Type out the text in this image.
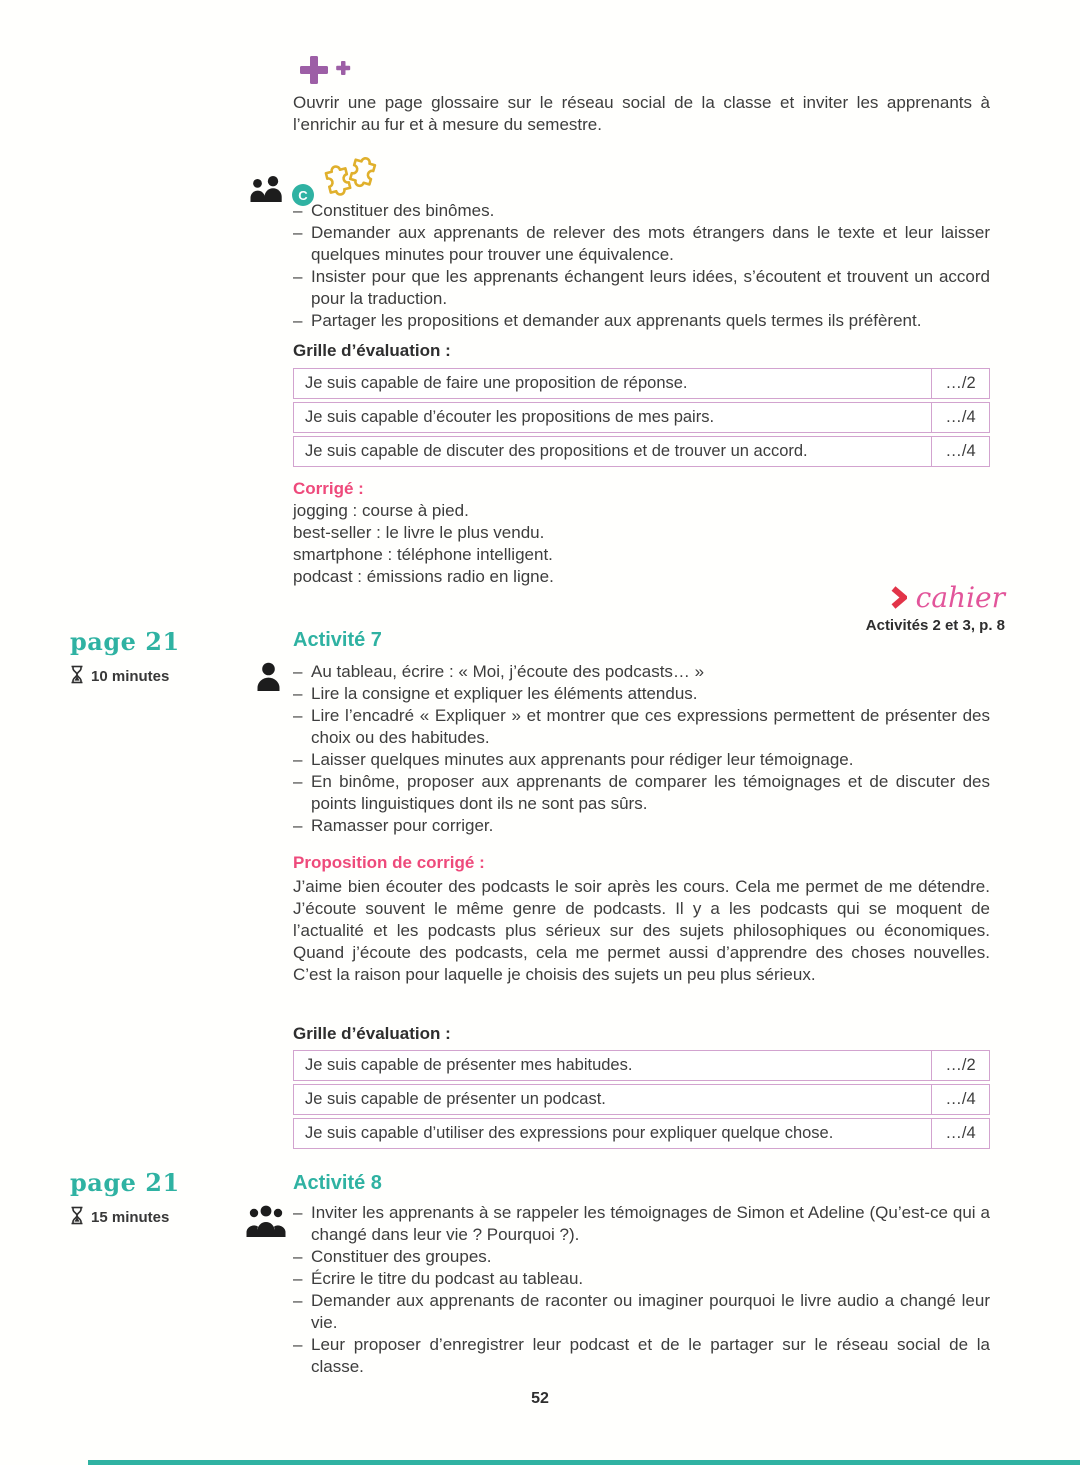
Ouvrir une page glossaire sur le réseau social de la classe et inviter les apprenants à l’enrichir au fur et à mesure du semestre.
C
– Constituer des binômes.
– Demander aux apprenants de relever des mots étrangers dans le texte et leur laisser quelques minutes pour trouver une équivalence.
– Insister pour que les apprenants échangent leurs idées, s’écoutent et trouvent un accord pour la traduction.
– Partager les propositions et demander aux apprenants quels termes ils préfèrent.
Grille d’évaluation :
Je suis capable de faire une proposition de réponse.	…/2
Je suis capable d’écouter les propositions de mes pairs.	…/4
Je suis capable de discuter des propositions et de trouver un accord.	…/4
Corrigé :
jogging : course à pied.
best-seller : le livre le plus vendu.
smartphone : téléphone intelligent.
podcast : émissions radio en ligne.
cahier
Activités 2 et 3, p. 8
page 21
10 minutes
Activité 7
– Au tableau, écrire : « Moi, j’écoute des podcasts… »
– Lire la consigne et expliquer les éléments attendus.
– Lire l’encadré « Expliquer » et montrer que ces expressions permettent de présenter des choix ou des habitudes.
– Laisser quelques minutes aux apprenants pour rédiger leur témoignage.
– En binôme, proposer aux apprenants de comparer les témoignages et de discuter des points linguistiques dont ils ne sont pas sûrs.
– Ramasser pour corriger.
Proposition de corrigé :
J’aime bien écouter des podcasts le soir après les cours. Cela me permet de me détendre. J’écoute souvent le même genre de podcasts. Il y a les podcasts qui se moquent de l’actualité et les podcasts plus sérieux sur des sujets philosophiques ou économiques. Quand j’écoute des podcasts, cela me permet aussi d’apprendre des choses nouvelles. C’est la raison pour laquelle je choisis des sujets un peu plus sérieux.
Grille d’évaluation :
Je suis capable de présenter mes habitudes.	…/2
Je suis capable de présenter un podcast.	…/4
Je suis capable d’utiliser des expressions pour expliquer quelque chose.	…/4
page 21
15 minutes
Activité 8
– Inviter les apprenants à se rappeler les témoignages de Simon et Adeline (Qu’est-ce qui a changé dans leur vie ? Pourquoi ?).
– Constituer des groupes.
– Écrire le titre du podcast au tableau.
– Demander aux apprenants de raconter ou imaginer pourquoi le livre audio a changé leur vie.
– Leur proposer d’enregistrer leur podcast et de le partager sur le réseau social de la classe.
52
